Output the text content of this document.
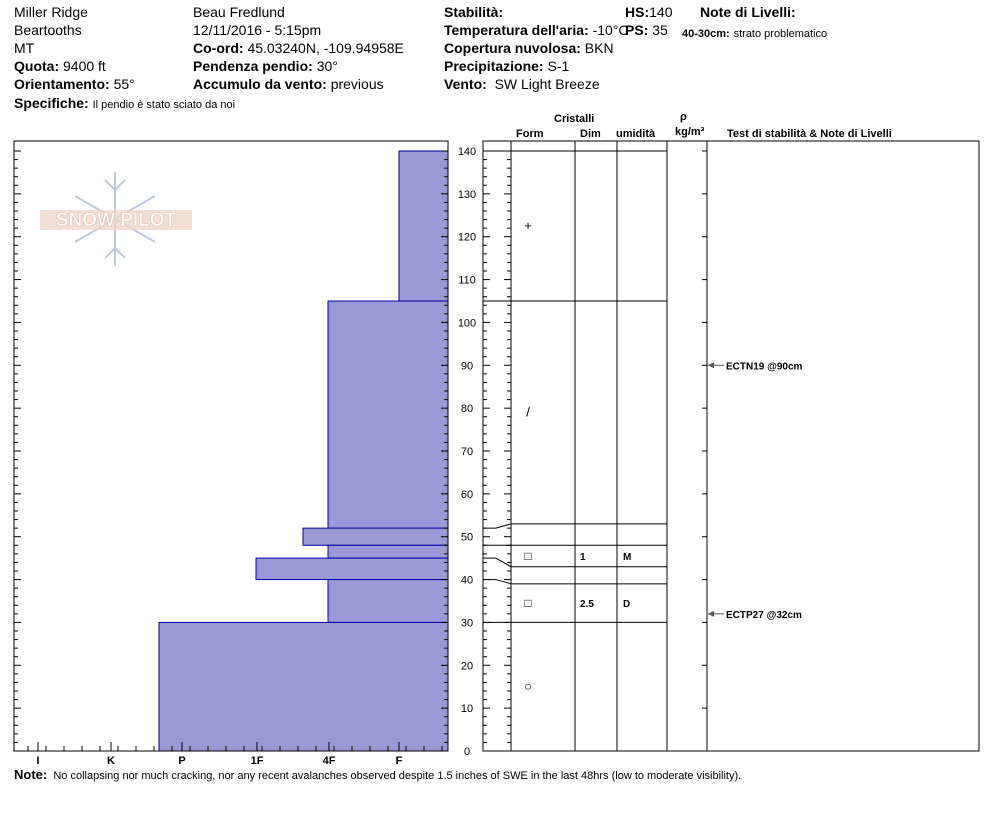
Miller Ridge
Beartooths
MT
Quota: 9400 ft
Orientamento: 55°
Specifiche: Il pendio è stato sciato da noi
Beau Fredlund
12/11/2016 - 5:15pm
Co-ord: 45.03240N, -109.94958E
Pendenza pendio: 30°
Accumulo da vento: previous
Stabilità:
Temperatura dell'aria: -10°C
Copertura nuvolosa: BKN
Precipitazione: S-1
Vento: SW Light Breeze
HS:140
PS: 35
Note di Livelli:
40-30cm: strato problematico
Cristalli
Form	Dim umidità
ρ
kg/m³ Test di stabilità & Note di Livelli
SNOW PILOT
0
10
20
30
40
50
60
70
80
90
100
110
120
130
140
I	K	P	1F	4F	F
□	1	M
□	2.5	D
+
/
○
ECTN19 @90cm
ECTP27 @32cm
Note: No collapsing nor much cracking, nor any recent avalanches observed despite 1.5 inches of SWE in the last 48hrs (low to moderate visibility).
